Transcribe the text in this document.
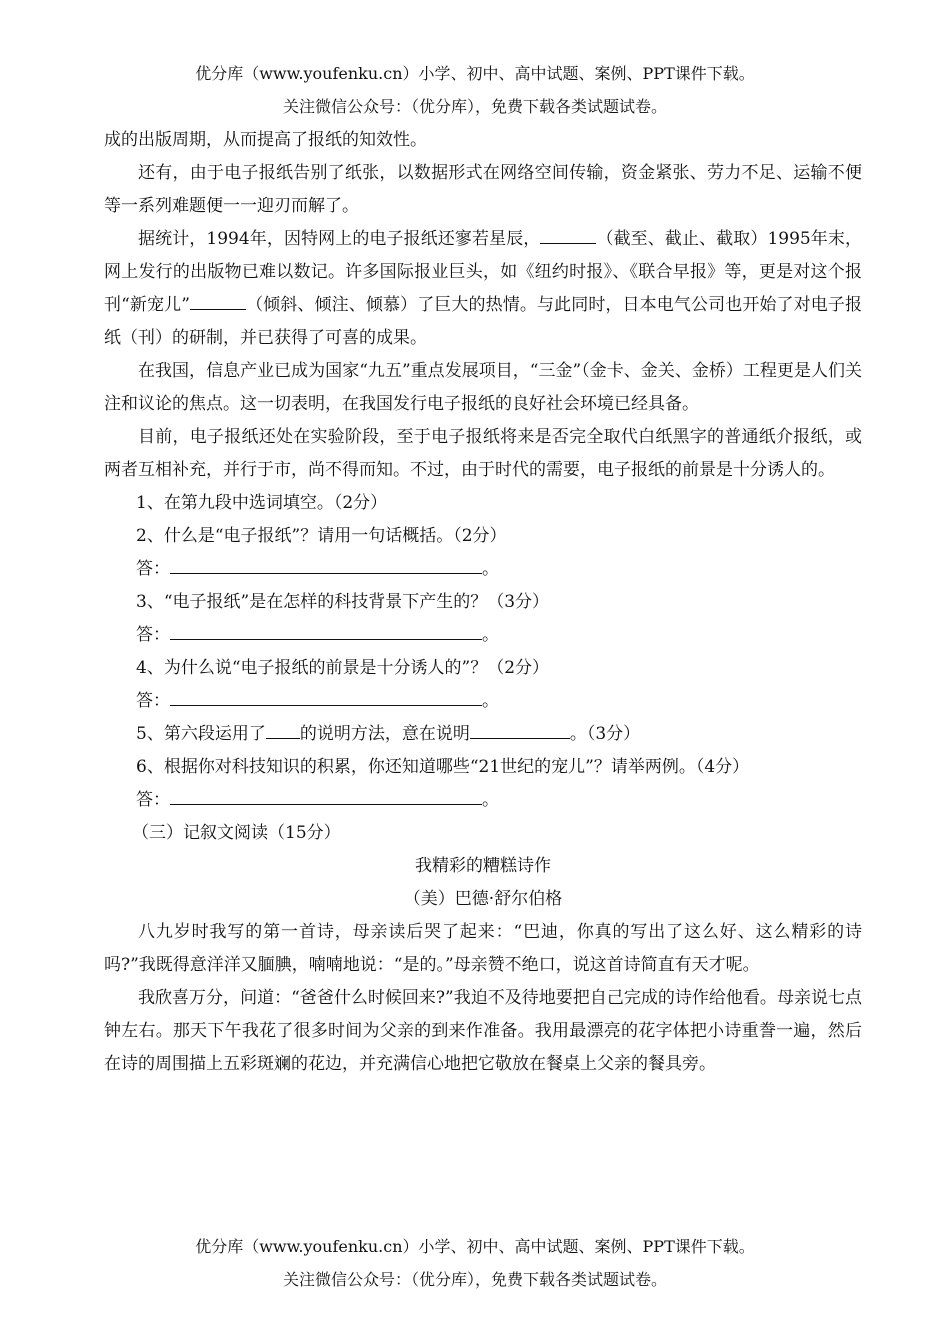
优分库（www.youfenku.cn）小学、初中、高中试题、案例、PPT课件下载。
关注微信公众号：（优分库），免费下载各类试题试卷。

成的出版周期，从而提高了报纸的知效性。

还有，由于电子报纸告别了纸张，以数据形式在网络空间传输，资金紧张、劳力不足、运输不便等一系列难题便一一迎刃而解了。

据统计，1994年，因特网上的电子报纸还寥若星辰，	（截至、截止、截取）1995年末，网上发行的出版物已难以数记。许多国际报业巨头，如《纽约时报》、《联合早报》等，更是对这个报刊“新宠儿”	（倾斜、倾注、倾慕）了巨大的热情。与此同时，日本电气公司也开始了对电子报纸（刊）的研制，并已获得了可喜的成果。

在我国，信息产业已成为国家“九五”重点发展项目，“三金”（金卡、金关、金桥）工程更是人们关注和议论的焦点。这一切表明，在我国发行电子报纸的良好社会环境已经具备。

目前，电子报纸还处在实验阶段，至于电子报纸将来是否完全取代白纸黑字的普通纸介报纸，或两者互相补充，并行于市，尚不得而知。不过，由于时代的需要，电子报纸的前景是十分诱人的。

1、在第九段中选词填空。（2分）

2、什么是“电子报纸”？请用一句话概括。（2分）

答：	。

3、“电子报纸”是在怎样的科技背景下产生的？（3分）

答：	。

4、为什么说“电子报纸的前景是十分诱人的”？（2分）

答：	。

5、第六段运用了 的说明方法，意在说明	。（3分）

6、根据你对科技知识的积累，你还知道哪些“21世纪的宠儿”？请举两例。（4分）

答：	。

（三）记叙文阅读（15分）

我精彩的糟糕诗作

（美）巴德·舒尔伯格

八九岁时我写的第一首诗，母亲读后哭了起来：“巴迪，你真的写出了这么好、这么精彩的诗吗?”我既得意洋洋又腼腆，喃喃地说：“是的。”母亲赞不绝口，说这首诗简直有天才呢。

我欣喜万分，问道：“爸爸什么时候回来?”我迫不及待地要把自己完成的诗作给他看。母亲说七点钟左右。那天下午我花了很多时间为父亲的到来作准备。我用最漂亮的花字体把小诗重誊一遍，然后在诗的周围描上五彩斑斓的花边，并充满信心地把它敬放在餐桌上父亲的餐具旁。

优分库（www.youfenku.cn）小学、初中、高中试题、案例、PPT课件下载。
关注微信公众号：（优分库），免费下载各类试题试卷。
